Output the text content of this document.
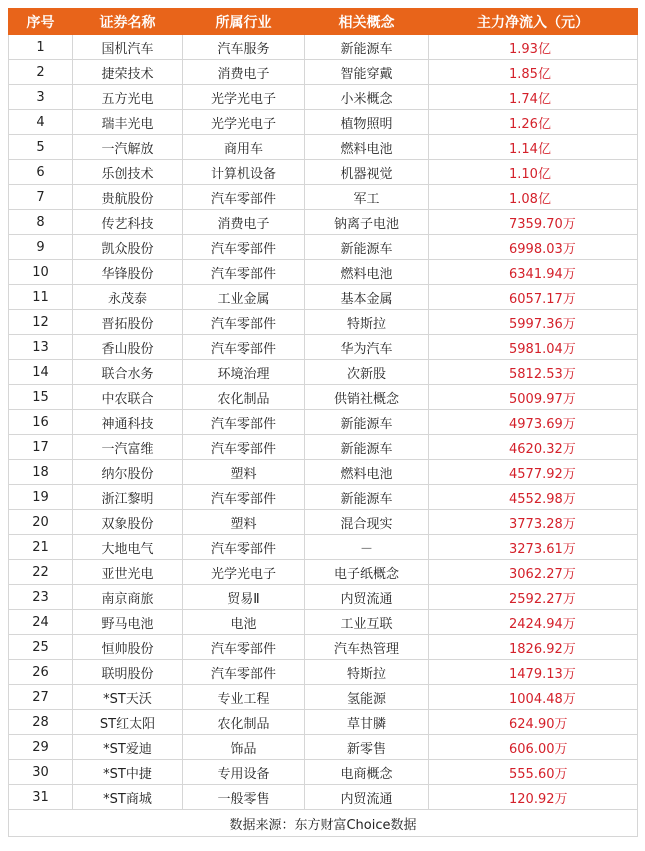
序号	证券名称	所属行业	相关概念	主力净流入（元）
1	国机汽车	汽车服务	新能源车	1.93亿
2	捷荣技术	消费电子	智能穿戴	1.85亿
3	五方光电	光学光电子	小米概念	1.74亿
4	瑞丰光电	光学光电子	植物照明	1.26亿
5	一汽解放	商用车	燃料电池	1.14亿
6	乐创技术	计算机设备	机器视觉	1.10亿
7	贵航股份	汽车零部件	军工	1.08亿
8	传艺科技	消费电子	钠离子电池	7359.70万
9	凯众股份	汽车零部件	新能源车	6998.03万
10	华锋股份	汽车零部件	燃料电池	6341.94万
11	永茂泰	工业金属	基本金属	6057.17万
12	晋拓股份	汽车零部件	特斯拉	5997.36万
13	香山股份	汽车零部件	华为汽车	5981.04万
14	联合水务	环境治理	次新股	5812.53万
15	中农联合	农化制品	供销社概念	5009.97万
16	神通科技	汽车零部件	新能源车	4973.69万
17	一汽富维	汽车零部件	新能源车	4620.32万
18	纳尔股份	塑料	燃料电池	4577.92万
19	浙江黎明	汽车零部件	新能源车	4552.98万
20	双象股份	塑料	混合现实	3773.28万
21	大地电气	汽车零部件	－	3273.61万
22	亚世光电	光学光电子	电子纸概念	3062.27万
23	南京商旅	贸易Ⅱ	内贸流通	2592.27万
24	野马电池	电池	工业互联	2424.94万
25	恒帅股份	汽车零部件	汽车热管理	1826.92万
26	联明股份	汽车零部件	特斯拉	1479.13万
27	*ST天沃	专业工程	氢能源	1004.48万
28	ST红太阳	农化制品	草甘膦	624.90万
29	*ST爱迪	饰品	新零售	606.00万
30	*ST中捷	专用设备	电商概念	555.60万
31	*ST商城	一般零售	内贸流通	120.92万
数据来源：东方财富Choice数据				
